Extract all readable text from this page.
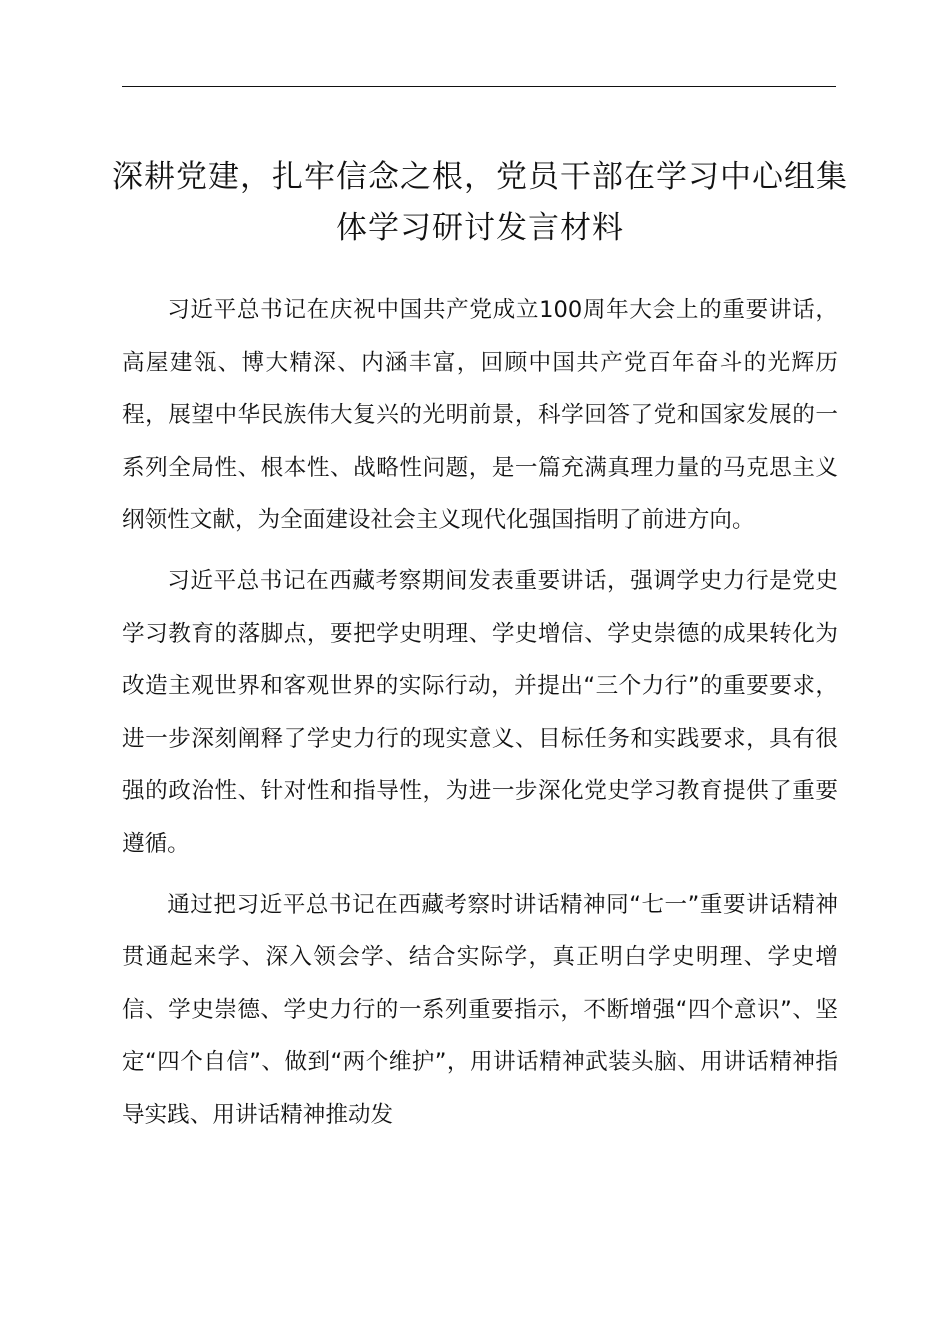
深耕党建，扎牢信念之根，党员干部在学习中心组集体学习研讨发言材料

习近平总书记在庆祝中国共产党成立100周年大会上的重要讲话，高屋建瓴、博大精深、内涵丰富，回顾中国共产党百年奋斗的光辉历程，展望中华民族伟大复兴的光明前景，科学回答了党和国家发展的一系列全局性、根本性、战略性问题，是一篇充满真理力量的马克思主义纲领性文献，为全面建设社会主义现代化强国指明了前进方向。

习近平总书记在西藏考察期间发表重要讲话，强调学史力行是党史学习教育的落脚点，要把学史明理、学史增信、学史崇德的成果转化为改造主观世界和客观世界的实际行动，并提出“三个力行”的重要要求，进一步深刻阐释了学史力行的现实意义、目标任务和实践要求，具有很强的政治性、针对性和指导性，为进一步深化党史学习教育提供了重要遵循。

通过把习近平总书记在西藏考察时讲话精神同“七一”重要讲话精神贯通起来学、深入领会学、结合实际学，真正明白学史明理、学史增信、学史崇德、学史力行的一系列重要指示，不断增强“四个意识”、坚定“四个自信”、做到“两个维护”，用讲话精神武装头脑、用讲话精神指导实践、用讲话精神推动发
